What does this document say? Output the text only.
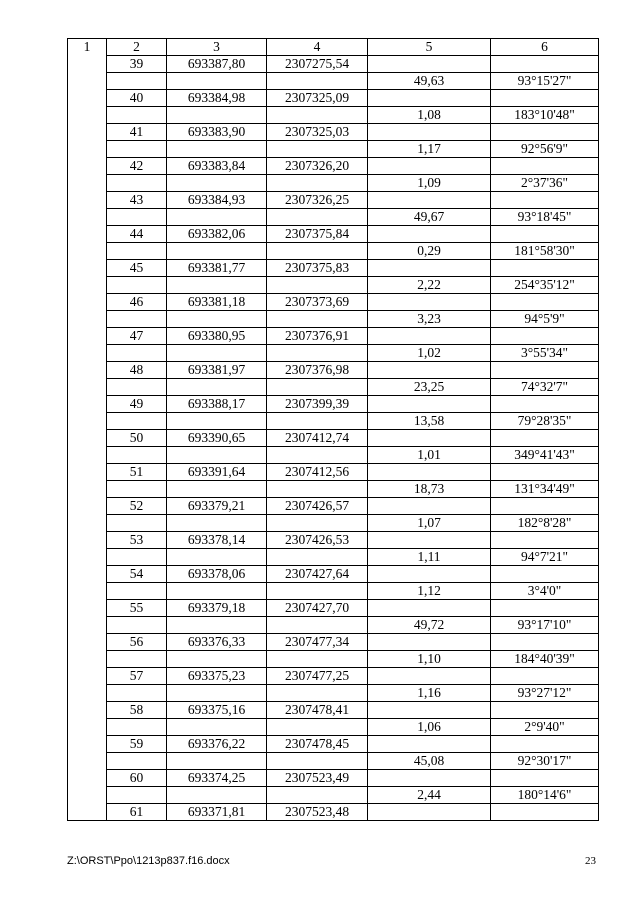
1	2	3	4	5	6
	39	693387,80	2307275,54		
				49,63	93°15'27"
	40	693384,98	2307325,09		
				1,08	183°10'48"
	41	693383,90	2307325,03		
				1,17	92°56'9"
	42	693383,84	2307326,20		
				1,09	2°37'36"
	43	693384,93	2307326,25		
				49,67	93°18'45"
	44	693382,06	2307375,84		
				0,29	181°58'30"
	45	693381,77	2307375,83		
				2,22	254°35'12"
	46	693381,18	2307373,69		
				3,23	94°5'9"
	47	693380,95	2307376,91		
				1,02	3°55'34"
	48	693381,97	2307376,98		
				23,25	74°32'7"
	49	693388,17	2307399,39		
				13,58	79°28'35"
	50	693390,65	2307412,74		
				1,01	349°41'43"
	51	693391,64	2307412,56		
				18,73	131°34'49"
	52	693379,21	2307426,57		
				1,07	182°8'28"
	53	693378,14	2307426,53		
				1,11	94°7'21"
	54	693378,06	2307427,64		
				1,12	3°4'0"
	55	693379,18	2307427,70		
				49,72	93°17'10"
	56	693376,33	2307477,34		
				1,10	184°40'39"
	57	693375,23	2307477,25		
				1,16	93°27'12"
	58	693375,16	2307478,41		
				1,06	2°9'40"
	59	693376,22	2307478,45		
				45,08	92°30'17"
	60	693374,25	2307523,49		
				2,44	180°14'6"
	61	693371,81	2307523,48		
Z:\ORST\Ppo\1213p837.f16.docx	23
